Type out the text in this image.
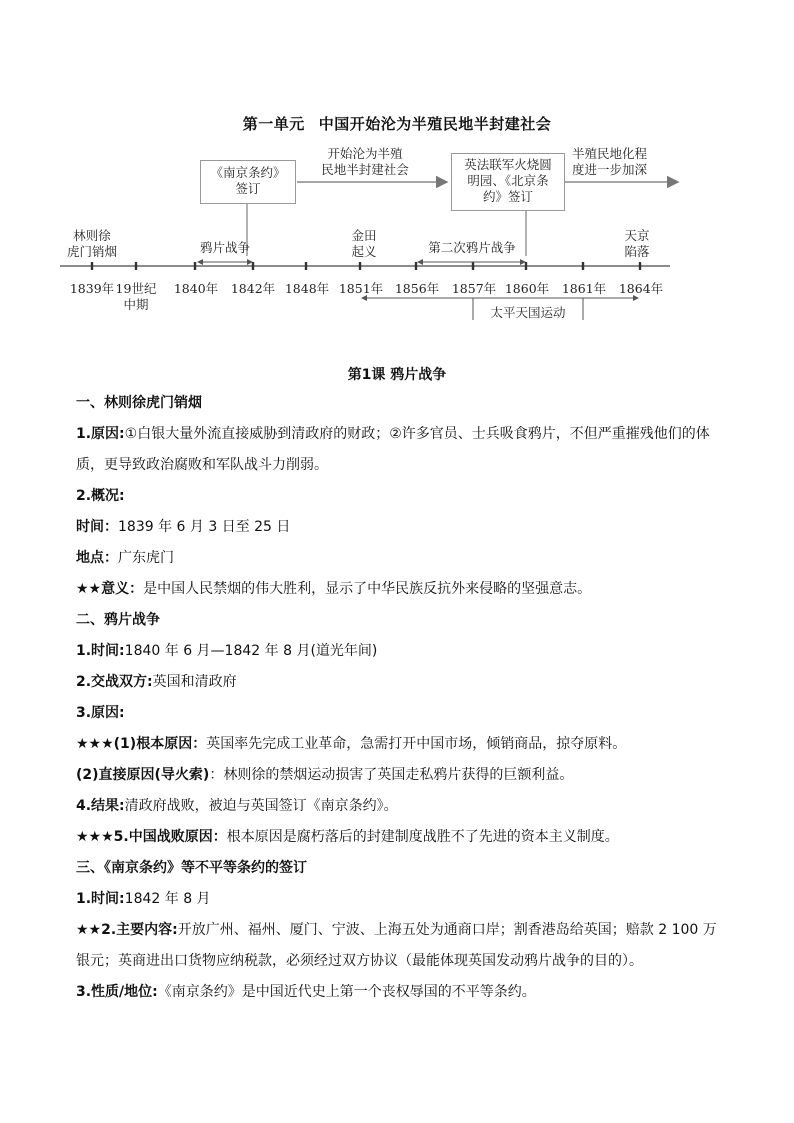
第一单元 中国开始沦为半殖民地半封建社会
《南京条约》
签订
开始沦为半殖
民地半封建社会	英法联军火烧圆
明园、《北京条
约》签订
半殖民地化程
度进一步加深
林则徐
虎门销烟	鸦片战争
金田
起义	第二次鸦片战争
天京
陷落
1839年 19世纪
中期
1840年	1842年 1848年 1851年 1856年	1857年 1860年	1861年	1864年
太平天国运动
第1课 鸦片战争

一、林则徐虎门销烟

1.原因:①白银大量外流直接威胁到清政府的财政；②许多官员、士兵吸食鸦片，不但严重摧残他们的体质，更导致政治腐败和军队战斗力削弱。

2.概况:

时间：1839 年 6 月 3 日至 25 日

地点：广东虎门

★★意义：是中国人民禁烟的伟大胜利，显示了中华民族反抗外来侵略的坚强意志。

二、鸦片战争

1.时间:1840 年 6 月—1842 年 8 月(道光年间)

2.交战双方:英国和清政府

3.原因:

★★★(1)根本原因：英国率先完成工业革命，急需打开中国市场，倾销商品，掠夺原料。

(2)直接原因(导火索)：林则徐的禁烟运动损害了英国走私鸦片获得的巨额利益。

4.结果:清政府战败，被迫与英国签订《南京条约》。

★★★5.中国战败原因：根本原因是腐朽落后的封建制度战胜不了先进的资本主义制度。

三、《南京条约》等不平等条约的签订

1.时间:1842 年 8 月

★★2.主要内容:开放广州、福州、厦门、宁波、上海五处为通商口岸；割香港岛给英国；赔款 2 100 万银元；英商进出口货物应纳税款，必须经过双方协议（最能体现英国发动鸦片战争的目的）。

3.性质/地位:《南京条约》是中国近代史上第一个丧权辱国的不平等条约。
